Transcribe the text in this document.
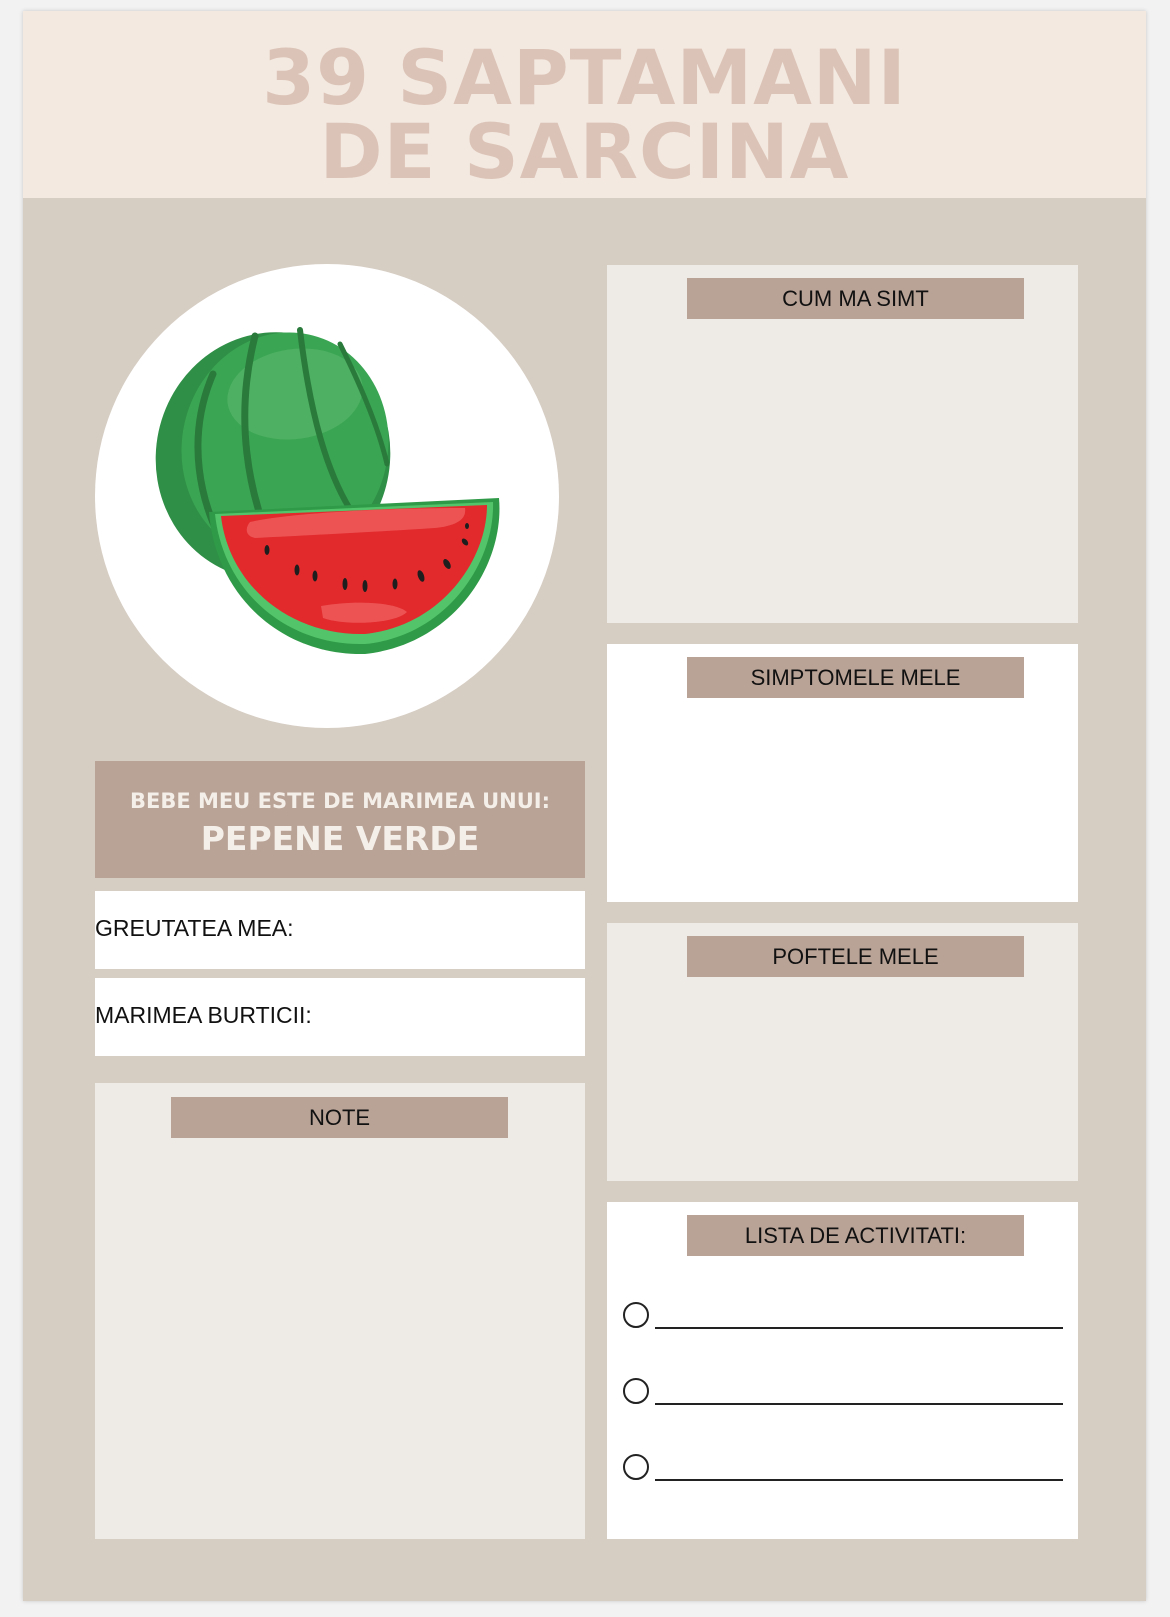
39 SAPTAMANI
DE SARCINA
BEBE MEU ESTE DE MARIMEA UNUI:
PEPENE VERDE
GREUTATEA MEA:
MARIMEA BURTICII:
NOTE
CUM MA SIMT
SIMPTOMELE MELE
POFTELE MELE
LISTA DE ACTIVITATI:
